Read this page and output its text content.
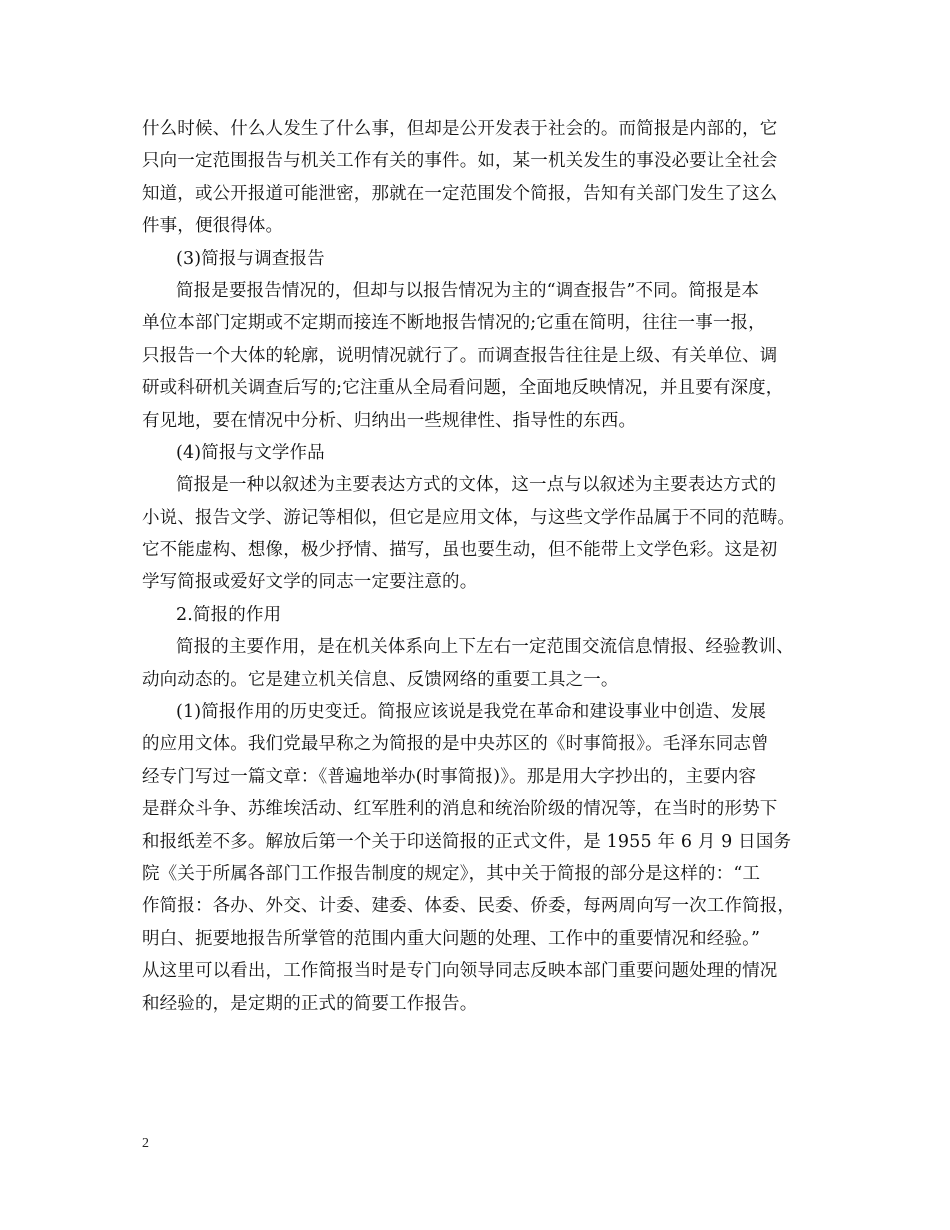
什么时候、什么人发生了什么事，但却是公开发表于社会的。而简报是内部的，它
只向一定范围报告与机关工作有关的事件。如，某一机关发生的事没必要让全社会
知道，或公开报道可能泄密，那就在一定范围发个简报，告知有关部门发生了这么
件事，便很得体。
(3)简报与调查报告
简报是要报告情况的，但却与以报告情况为主的“调查报告”不同。简报是本
单位本部门定期或不定期而接连不断地报告情况的;它重在简明，往往一事一报，
只报告一个大体的轮廓，说明情况就行了。而调查报告往往是上级、有关单位、调
研或科研机关调查后写的;它注重从全局看问题，全面地反映情况，并且要有深度，
有见地，要在情况中分析、归纳出一些规律性、指导性的东西。
(4)简报与文学作品
简报是一种以叙述为主要表达方式的文体，这一点与以叙述为主要表达方式的
小说、报告文学、游记等相似，但它是应用文体，与这些文学作品属于不同的范畴。
它不能虚构、想像，极少抒情、描写，虽也要生动，但不能带上文学色彩。这是初
学写简报或爱好文学的同志一定要注意的。
2.简报的作用
简报的主要作用，是在机关体系向上下左右一定范围交流信息情报、经验教训、
动向动态的。它是建立机关信息、反馈网络的重要工具之一。
(1)简报作用的历史变迁。简报应该说是我党在革命和建设事业中创造、发展
的应用文体。我们党最早称之为简报的是中央苏区的《时事简报》。毛泽东同志曾
经专门写过一篇文章：《普遍地举办(时事简报)》。那是用大字抄出的，主要内容
是群众斗争、苏维埃活动、红军胜利的消息和统治阶级的情况等，在当时的形势下
和报纸差不多。解放后第一个关于印送简报的正式文件，是 1955 年 6 月 9 日国务
院《关于所属各部门工作报告制度的规定》，其中关于简报的部分是这样的：“工
作简报：各办、外交、计委、建委、体委、民委、侨委，每两周向写一次工作简报，
明白、扼要地报告所掌管的范围内重大问题的处理、工作中的重要情况和经验。”
从这里可以看出，工作简报当时是专门向领导同志反映本部门重要问题处理的情况
和经验的，是定期的正式的简要工作报告。
2
